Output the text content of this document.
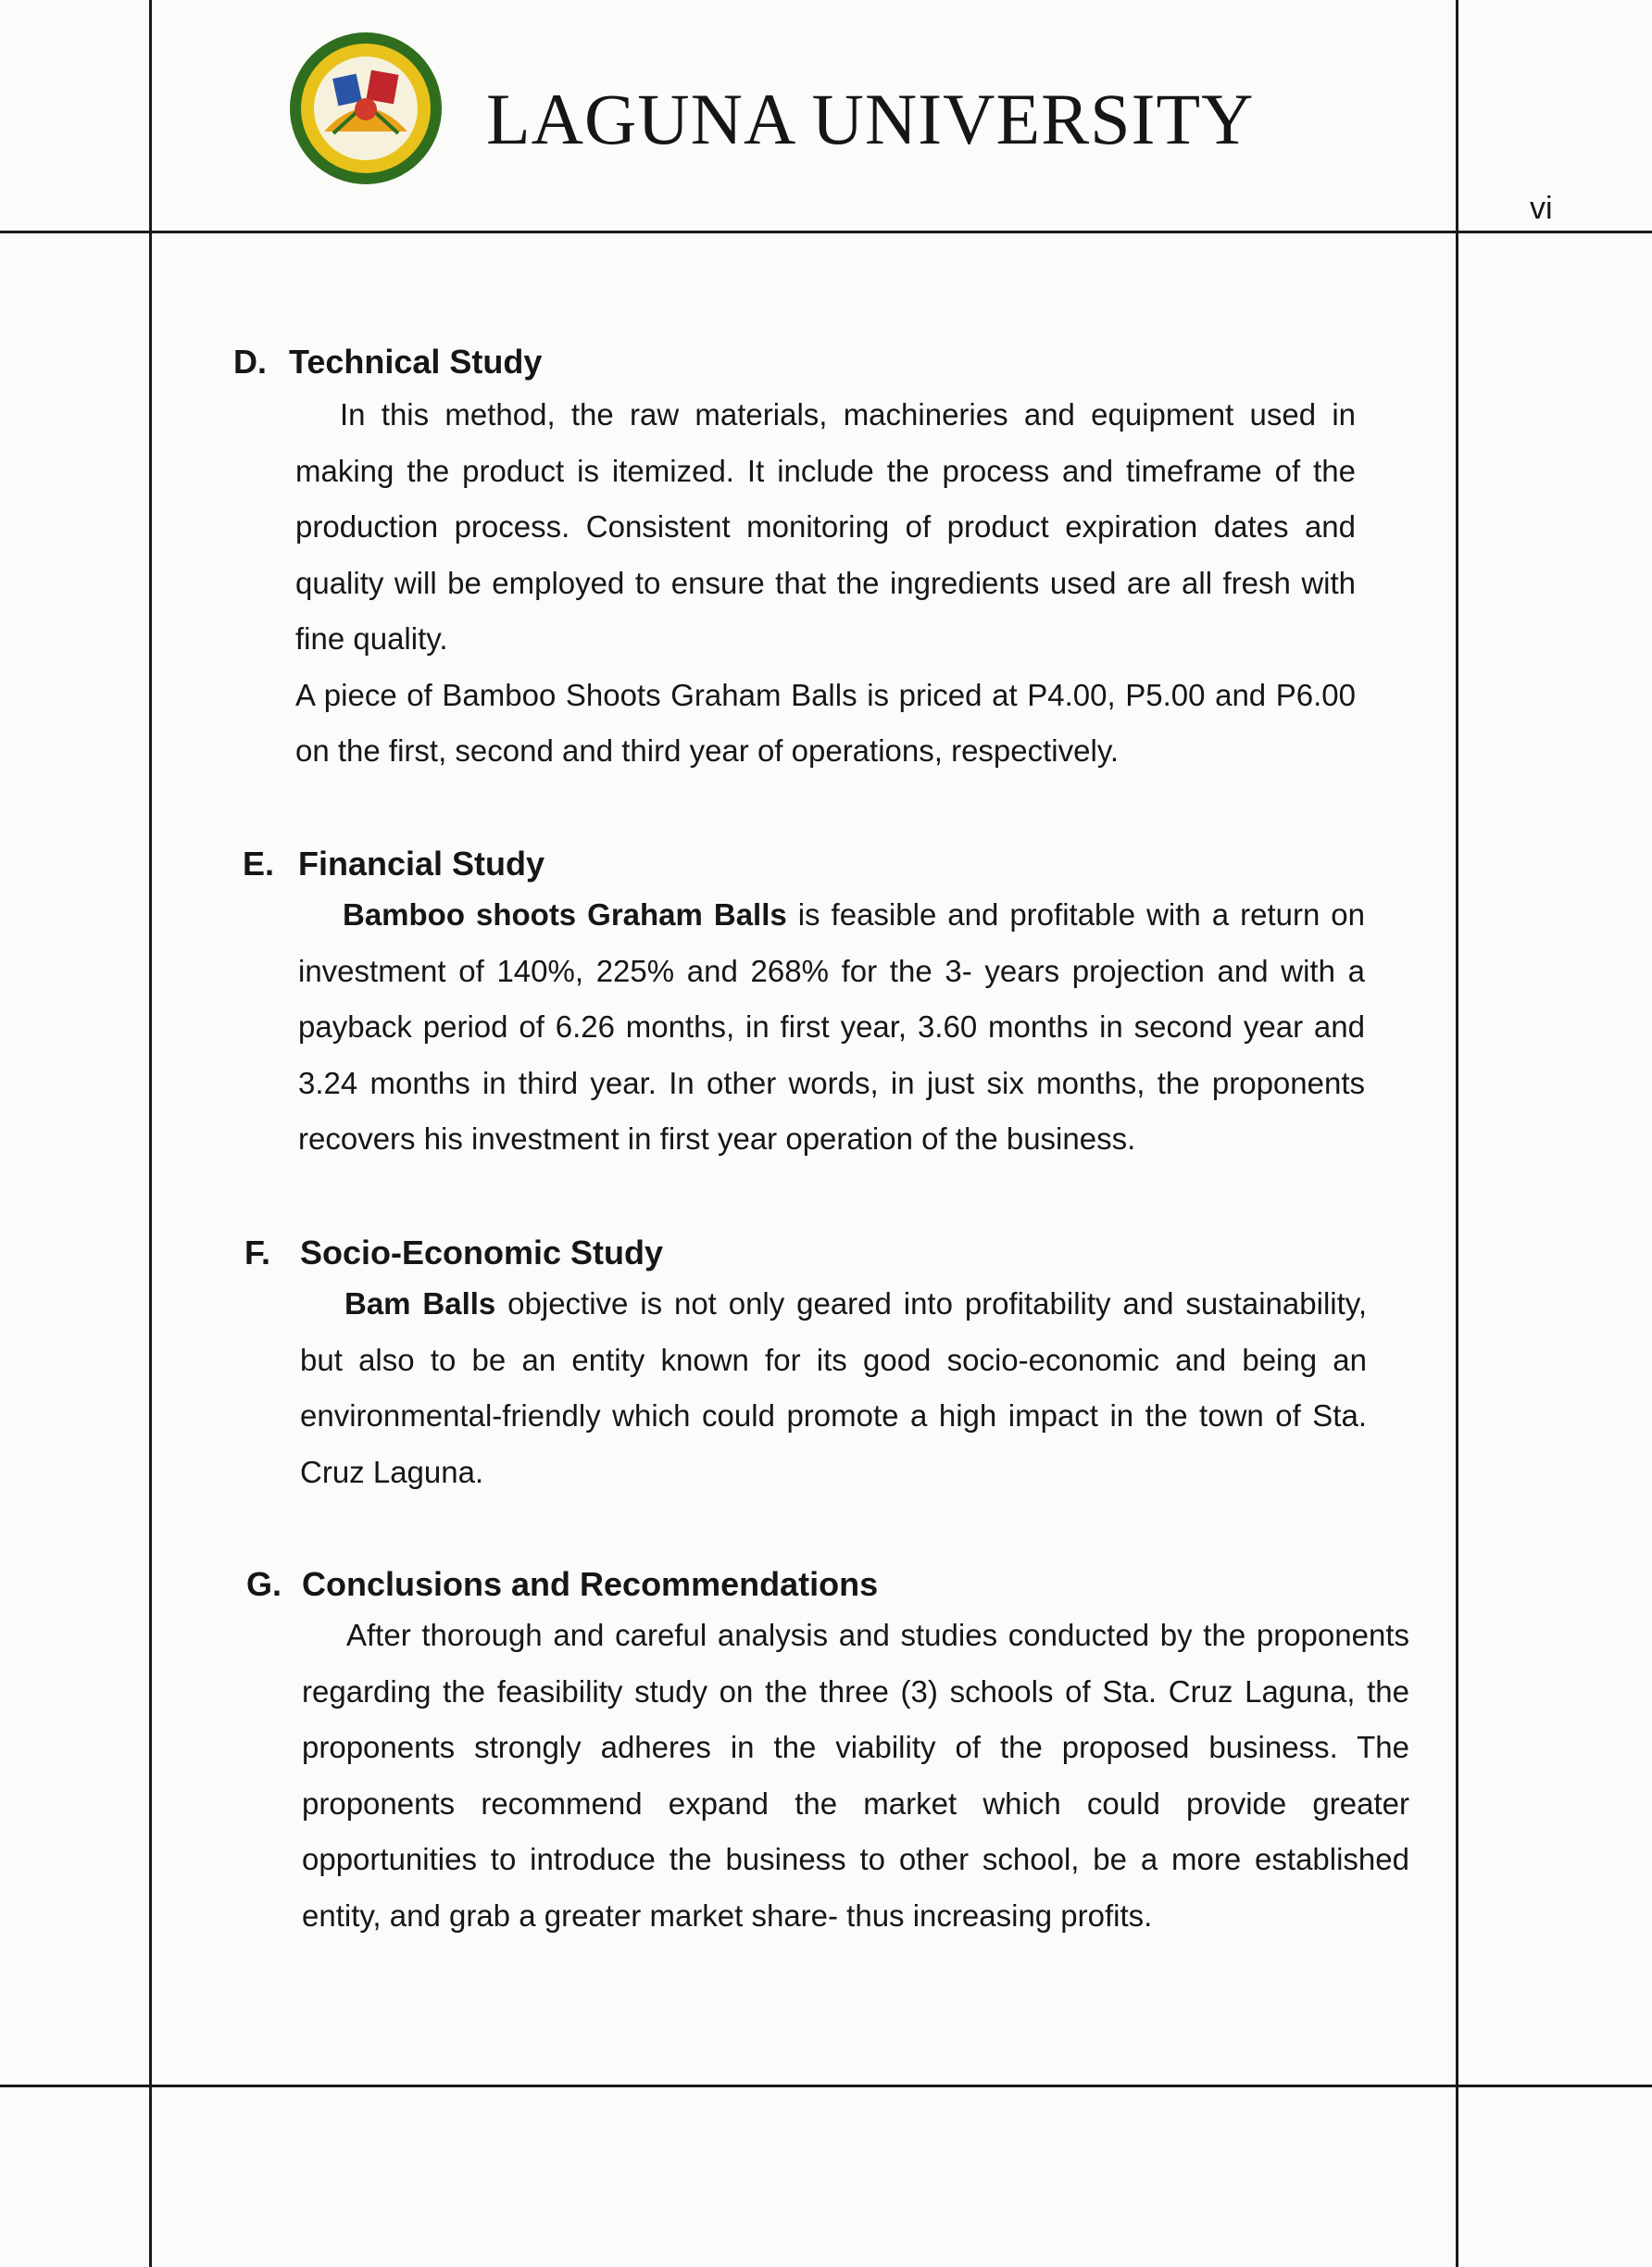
LAGUNA UNIVERSITY
vi
D. Technical Study

In this method, the raw materials, machineries and equipment used in making the product is itemized. It include the process and timeframe of the production process. Consistent monitoring of product expiration dates and quality will be employed to ensure that the ingredients used are all fresh with fine quality.

A piece of Bamboo Shoots Graham Balls is priced at P4.00, P5.00 and P6.00 on the first, second and third year of operations, respectively.

E. Financial Study

Bamboo shoots Graham Balls is feasible and profitable with a return on investment of 140%, 225% and 268% for the 3- years projection and with a payback period of 6.26 months, in first year, 3.60 months in second year and 3.24 months in third year. In other words, in just six months, the proponents recovers his investment in first year operation of the business.

F. Socio-Economic Study

Bam Balls objective is not only geared into profitability and sustainability, but also to be an entity known for its good socio-economic and being an environmental-friendly which could promote a high impact in the town of Sta. Cruz Laguna.

G. Conclusions and Recommendations

After thorough and careful analysis and studies conducted by the proponents regarding the feasibility study on the three (3) schools of Sta. Cruz Laguna, the proponents strongly adheres in the viability of the proposed business. The proponents recommend expand the market which could provide greater opportunities to introduce the business to other school, be a more established entity, and grab a greater market share- thus increasing profits.
